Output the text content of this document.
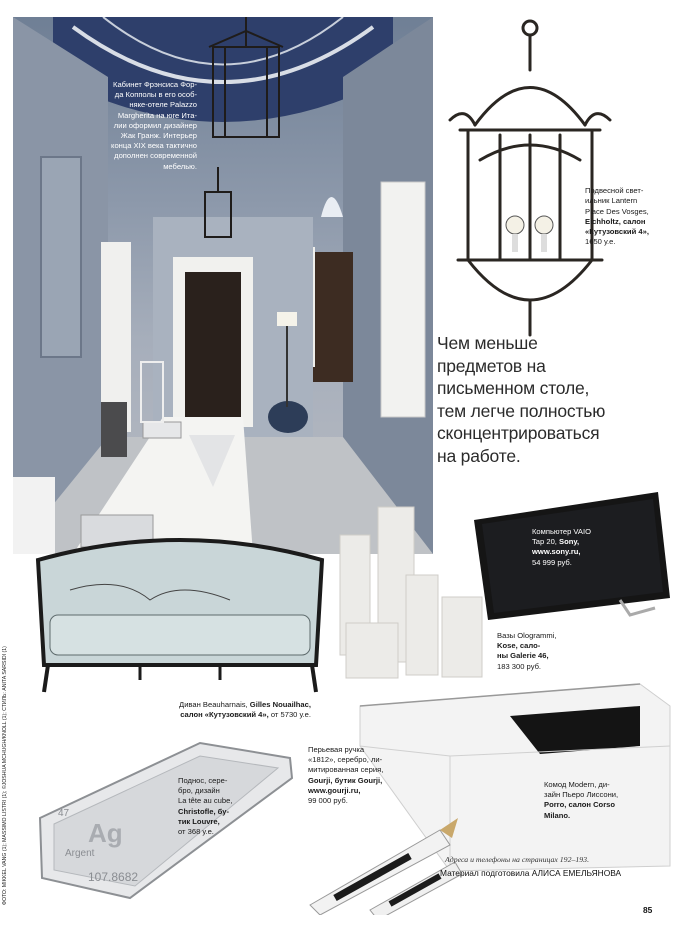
Кабинет Фрэнсиса Фор-
да Копполы в его особ-
няке-отеле Palazzo
Margherita на юге Ита-
лии оформил дизайнер
Жак Гранж. Интерьер
конца XIX века тактично
дополнен современной
мебелью.
Подвесной свет-
ильник Lantern
Place Des Vosges,
Eichholtz, салон
«Кутузовский 4»,
1650 у.е.
Чем меньше
предметов на
письменном столе,
тем легче полностью
сконцентрироваться
на работе.
Компьютер VAIO
Tap 20, Sony,
www.sony.ru,
54 999 руб.
Вазы Ologrammi,
Kose, сало-
ны Galerie 46,
183 300 руб.
Диван Beauharnais, Gilles Nouailhac,
салон «Кутузовский 4», от 5730 у.е.
Комод Modern, ди-
зайн Пьеро Лиссони,
Porro, салон Corso
Milano.
47
Ag
Argent
107.8682
Поднос, сере-
бро, дизайн
La tête au cube,
Christofle, бу-
тик Louvre,
от 368 у.е.
Перьевая ручка
«1812», серебро, ли-
митированная серия,
Gourji, бутик Gourji,
www.gourji.ru,
99 000 руб.
Адреса и телефоны на страницах 192–193.
Материал подготовила АЛИСА ЕМЕЛЬЯНОВА
85
ФОТО: MIKKEL VANG (1); MASSIMO LISTRI (1); ©JOSHUA MCHUGH/KNOLL (1); СТИЛЬ: ANITA SARSIDI (1)
